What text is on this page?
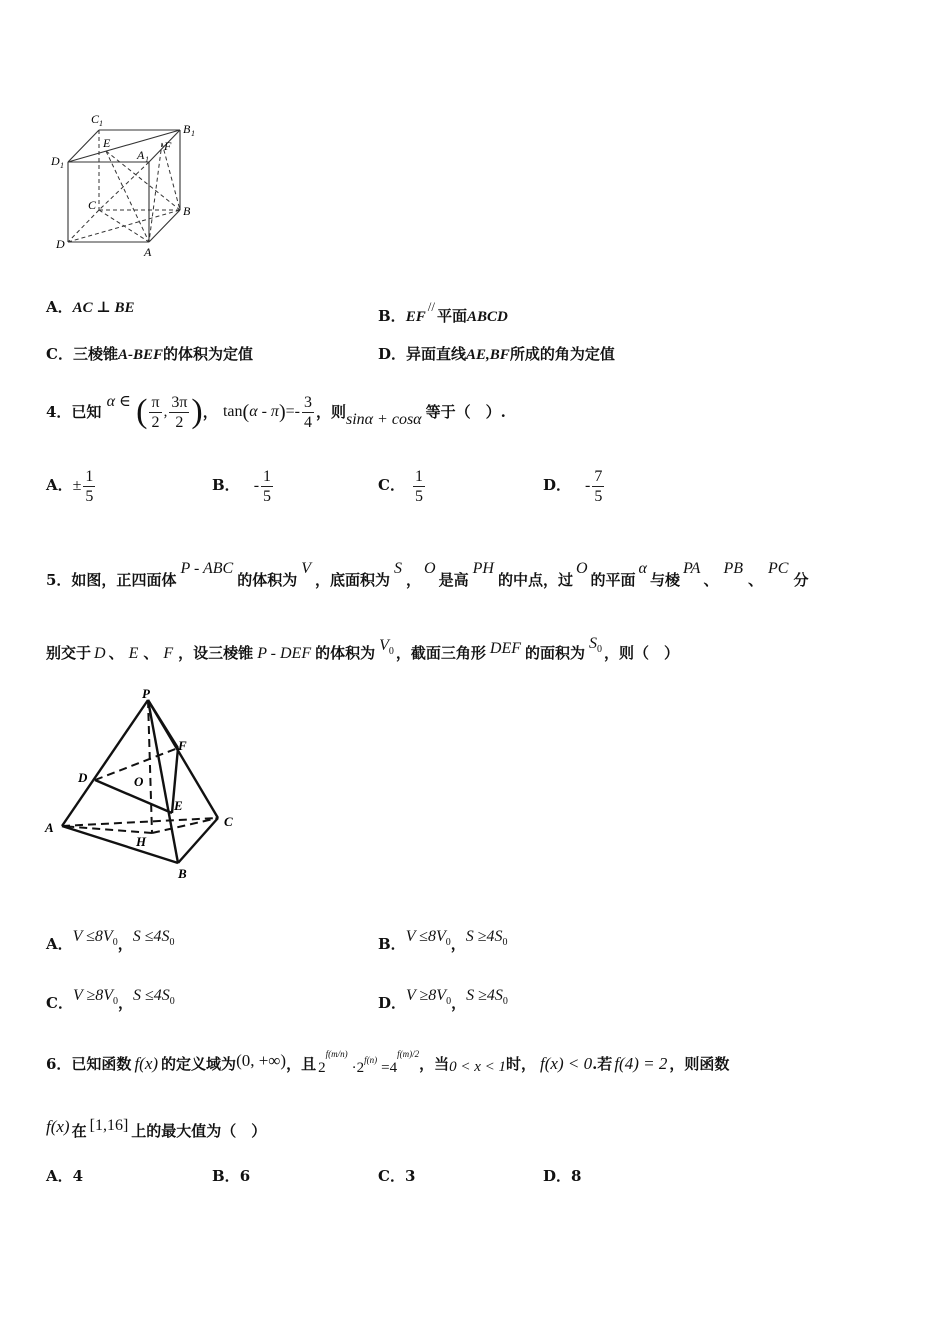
C 1	B 1
D 1
A 1
E	F
C	B
D
A
A．AC ⊥ BE	B．EF//平面ABCD
C．三棱锥A-BEF的体积为定值	D．异面直线AE,BF所成的角为定值
4．已知 α ∈ ( $\frac{\pi}{2}$ , $\frac{3\pi}{2}$ )， $\tan(\alpha - \pi)=- \frac{3}{4}$ ，则sinα + cosα 等于（　）.
A．± $\frac{1}{5}$	B． - $\frac{1}{5}$	C． $\frac{1}{5}$	D． - $\frac{7}{5}$
5．如图，正四面体P - ABC的体积为V，底面积为S，O是高PH的中点，过O的平面α与棱PA、PB、PC分
别交于 D 、 E 、 F ，设三棱锥 P - DEF 的体积为 $V^0$ ，截面三角形 DEF 的面积为$S^0$ ，则（　）
P
F
D	O
E
A	C
H
B
A．$V \le 8V_0$，$S \le 4S_0$	B．$V \le 8V_0$，$S \ge 4S_0$
C．$V \ge 8V_0$，$S \le 4S_0$	D．$V \ge 8V_0$，$S \ge 4S_0$
6．已知函数 f(x) 的定义域为(0, +∞)，且 $2^{f(m/n)}\cdot 2^{f(n)} =4^{f(m)/2}$，当0 < x < 1时， f(x) < 0.若 f(4) = 2 ，则函数
f(x) 在 [1,16] 上的最大值为（　）
A．4	B．6	C．3	D．8
